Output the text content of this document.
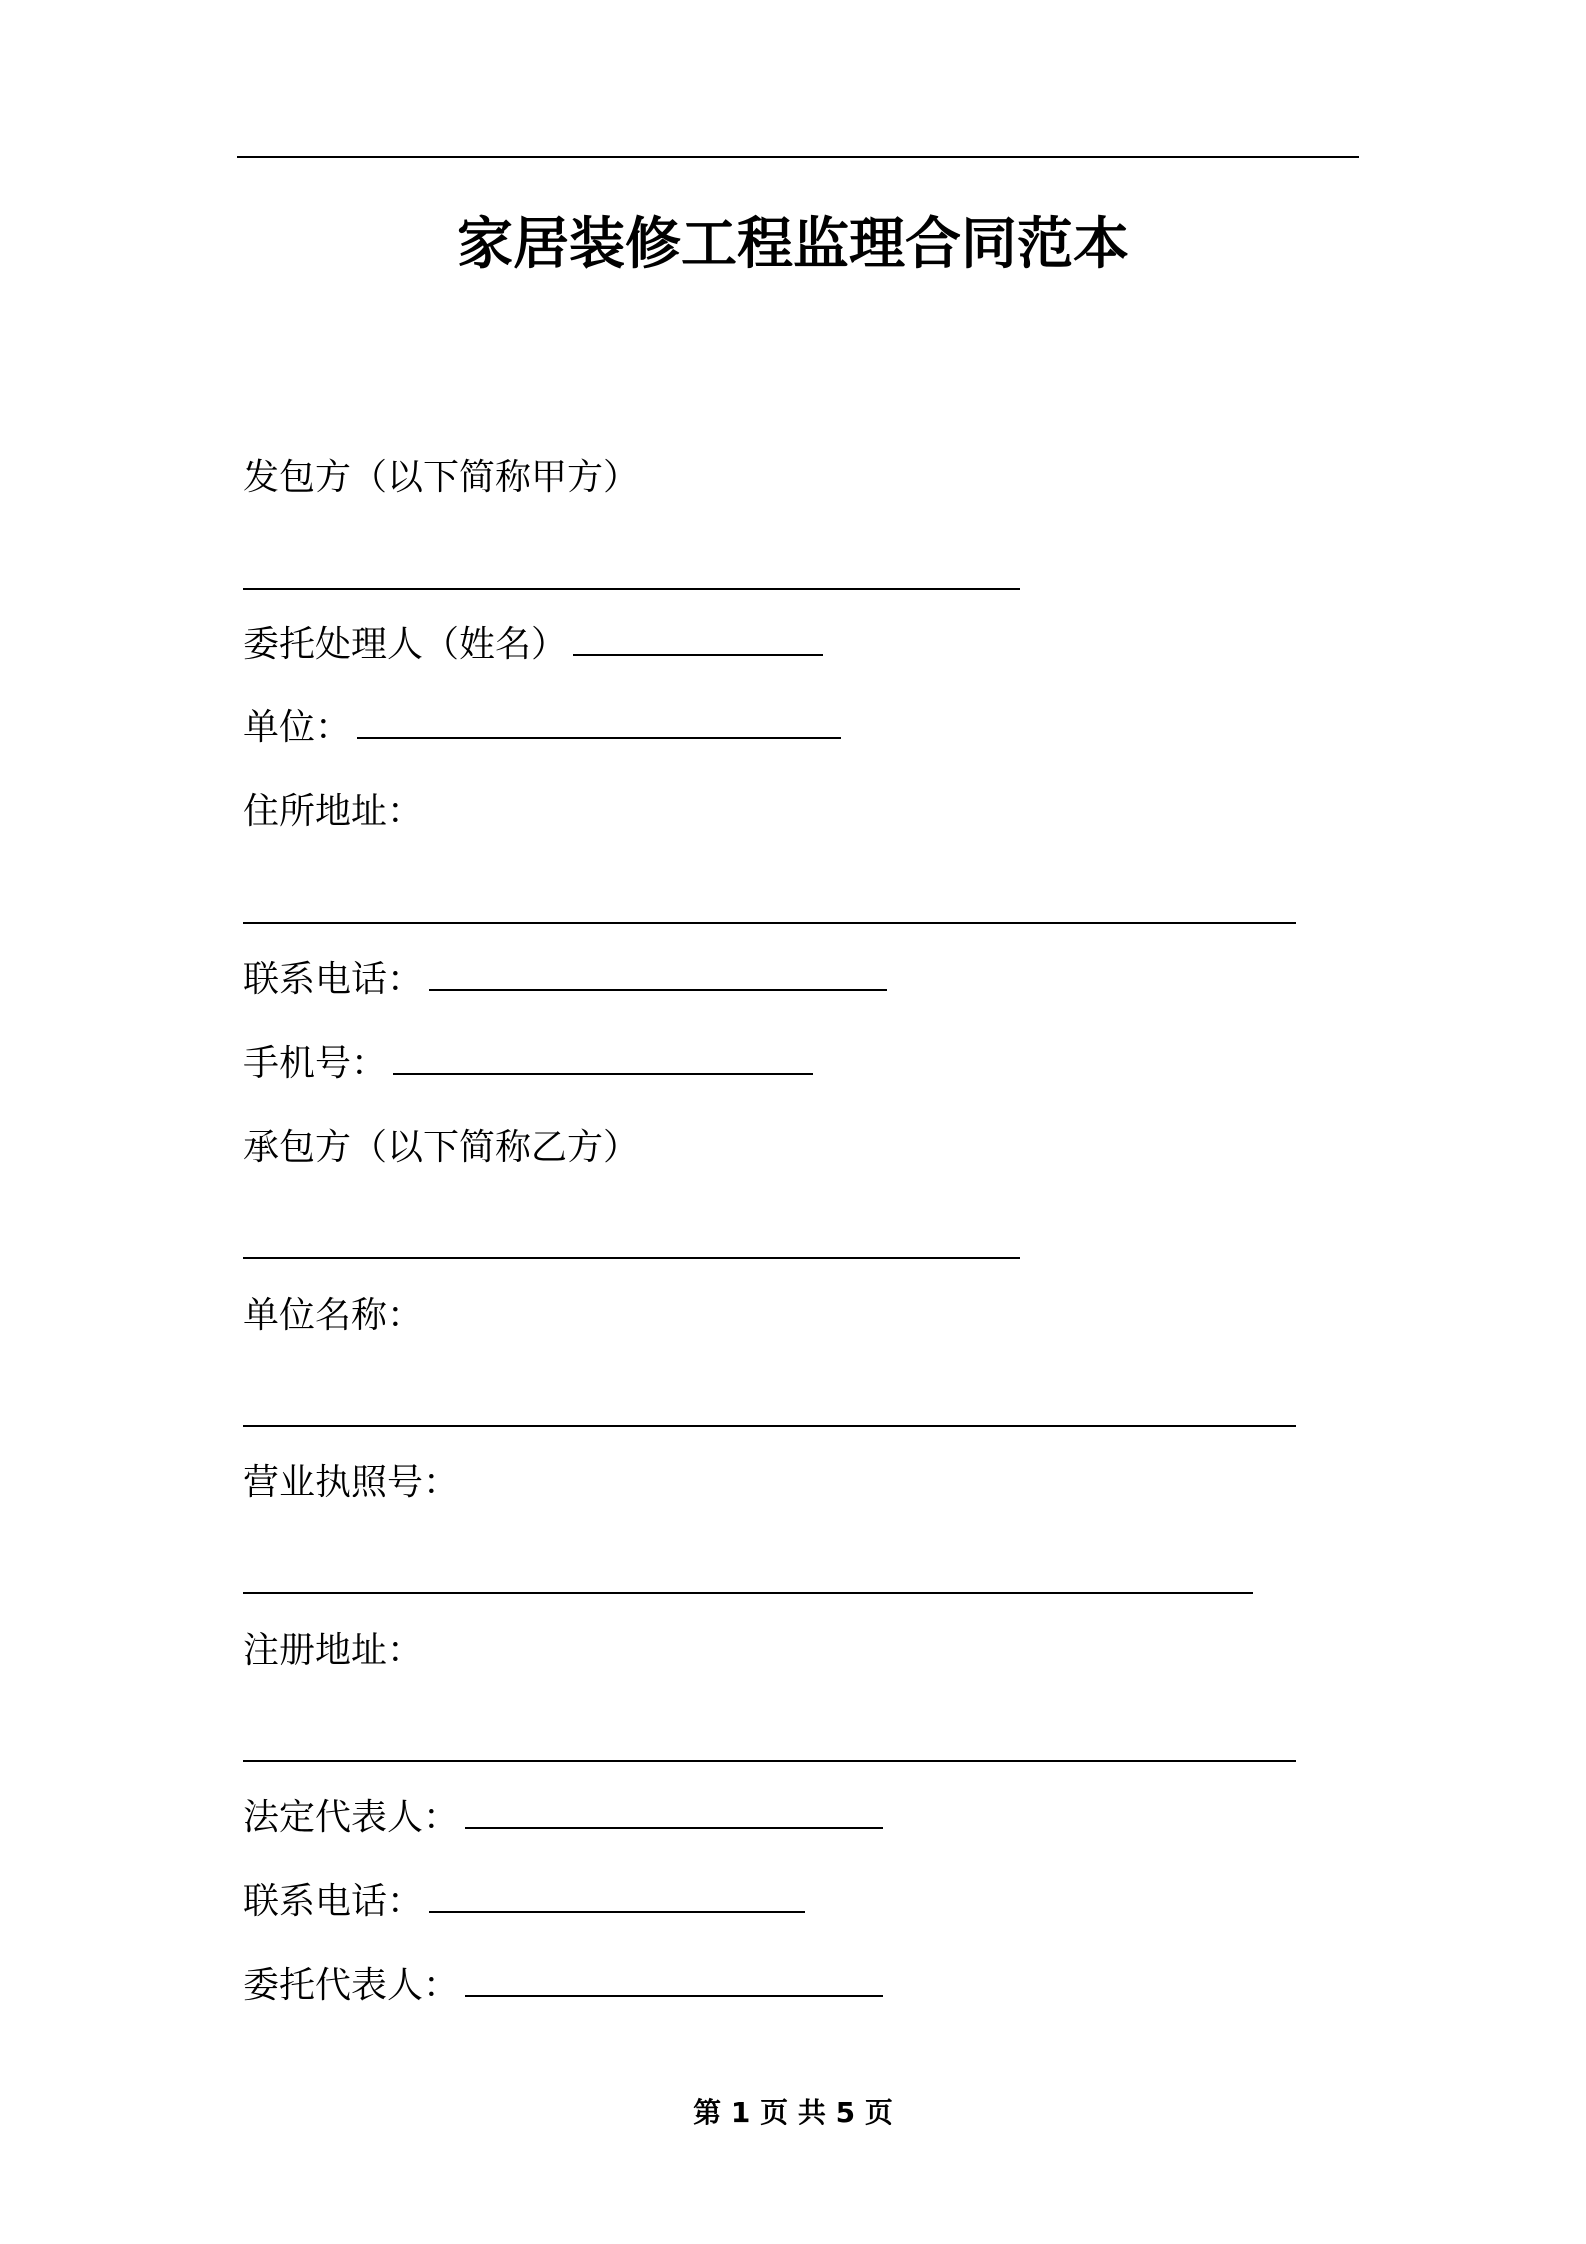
家居装修工程监理合同范本
发包方（以下简称甲方）
委托处理人（姓名）
单位：
住所地址：
联系电话：
手机号：
承包方（以下简称乙方）
单位名称：
营业执照号：
注册地址：
法定代表人：
联系电话：
委托代表人：
第 1 页 共 5 页
